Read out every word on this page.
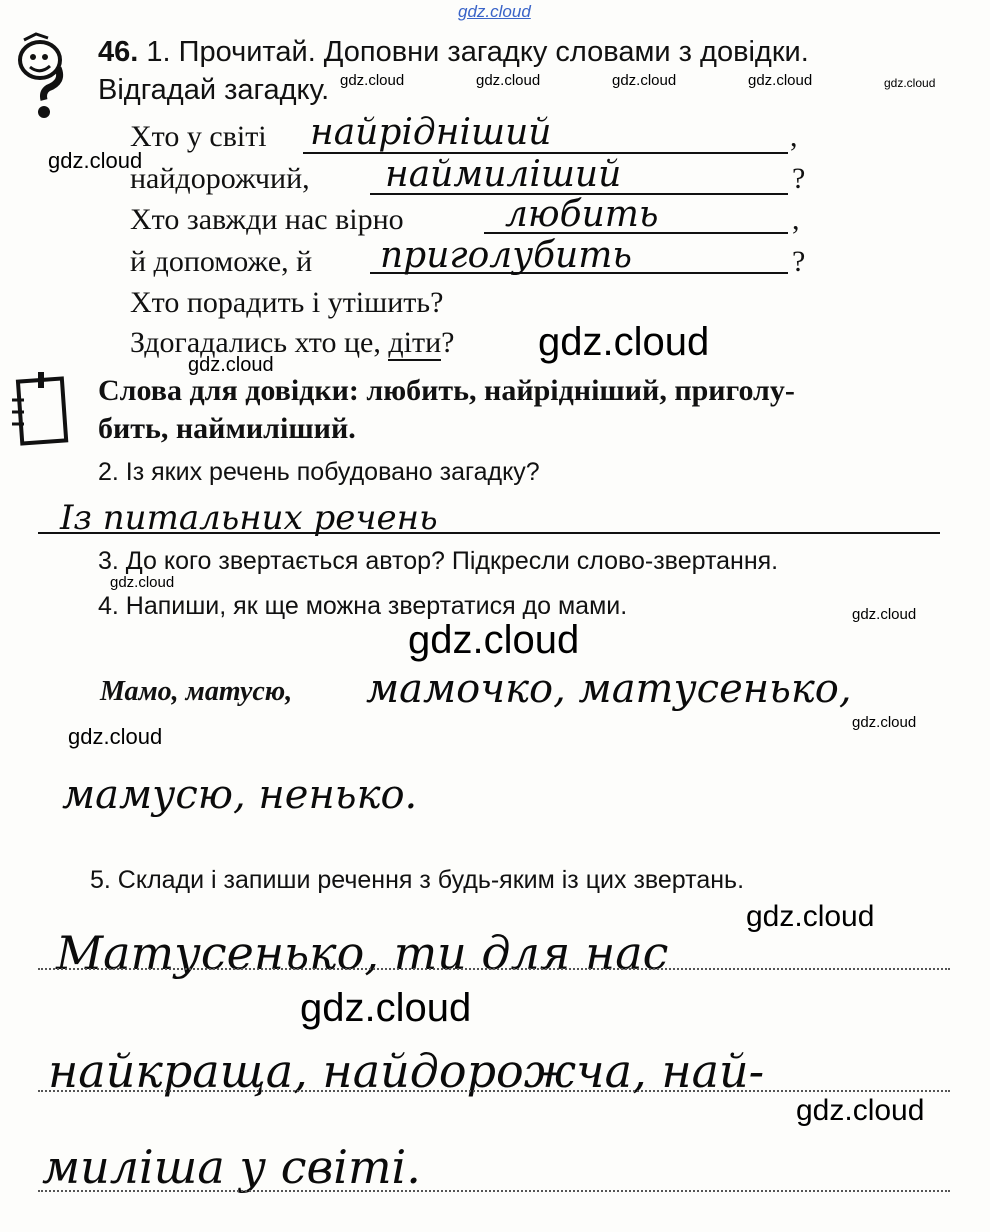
gdz.cloud
46. 1. Прочитай. Доповни загадку словами з довідки.
Відгадай загадку. gdz.cloud	gdz.cloud	gdz.cloud	gdz.cloud	gdz.cloud
Хто у світі найрідніший	,
gdz.cloud
найдорожчий, наймиліший	?
Хто завжди нас вірно	любить	,
й допоможе, й приголубить	?
Хто порадить і утішить?
Здогадались хто це, діти? gdz.cloud
gdz.cloud
Слова для довідки: любить, найрідніший, приголу-
бить, наймиліший.
2. Із яких речень побудовано загадку?
Із питальних речень
3. До кого звертається автор? Підкресли слово-звертання.
gdz.cloud
4. Напиши, як ще можна звертатися до мами.	gdz.cloud
gdz.cloud
Мамо, матусю, мамочко, матусенько,
gdz.cloud
gdz.cloud
мамусю, ненько.
5. Склади і запиши речення з будь-яким із цих звертань.
gdz.cloud
Матусенько, ти для нас
gdz.cloud
найкраща, найдорожча, най-
gdz.cloud
миліша у світі.
